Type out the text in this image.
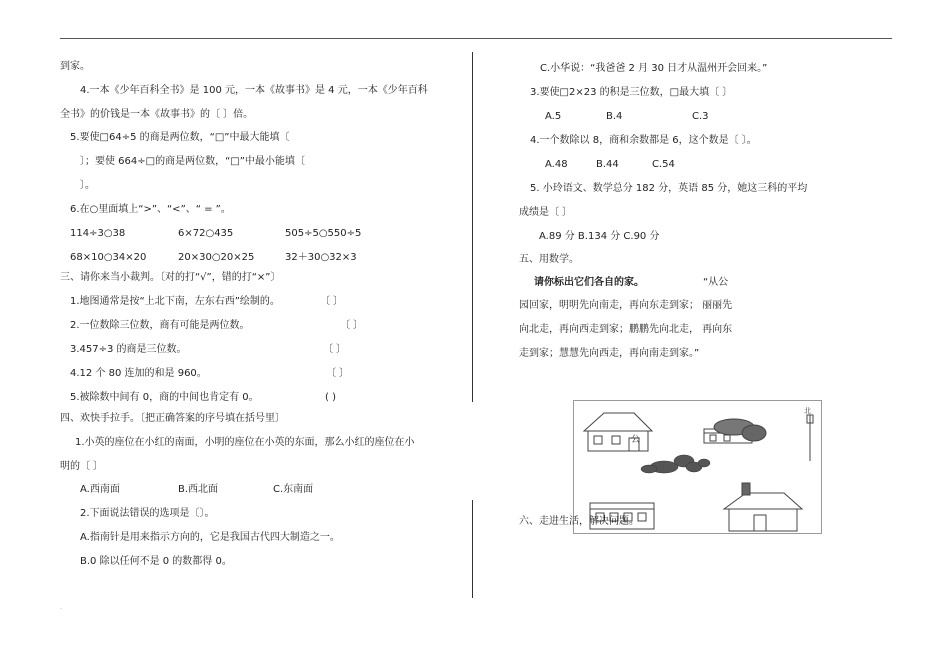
到家。
4.一本《少年百科全书》是 100 元，一本《故事书》是 4 元，一本《少年百科
全书》的价钱是一本《故事书》的〔 〕倍。
5.要使□64÷5 的商是两位数，“□”中最大能填〔
〕；要使 664÷□的商是两位数，“□”中最小能填〔
〕。
6.在○里面填上“>”、“<”、“ = ”。
114÷3○38	6×72○435	505÷5○550÷5
68×10○34×20	20×30○20×25	32＋30○32×3
三、请你来当小裁判。〔对的打“√”，错的打“×”〕
1.地图通常是按“上北下南，左东右西”绘制的。	〔 〕
2.一位数除三位数，商有可能是两位数。	〔 〕
3.457÷3 的商是三位数。	〔 〕
4.12 个 80 连加的和是 960。	〔 〕
5.被除数中间有 0，商的中间也肯定有 0。	( )
四、欢快手拉手。〔把正确答案的序号填在括号里〕
1.小英的座位在小红的南面，小明的座位在小英的东面，那么小红的座位在小
明的〔 〕
A.西南面	B.西北面	C.东南面
2.下面说法错误的选项是〔〕。
A.指南针是用来指示方向的，它是我国古代四大制造之一。
B.0 除以任何不是 0 的数都得 0。
.
C.小华说：“我爸爸 2 月 30 日才从温州开会回来。”
3.要使□2×23 的积是三位数，□最大填〔 〕
A.5	B.4	C.3
4.一个数除以 8，商和余数都是 6，这个数是〔 〕。
A.48	B.44	C.54
5. 小玲语文、数学总分 182 分，英语 85 分，她这三科的平均
成绩是〔 〕
A.89 分 B.134 分 C.90 分
五、用数学。
请你标出它们各自的家。	“从公
园回家，明明先向南走，再向东走到家； 丽丽先
向北走，再向西走到家；鹏鹏先向北走， 再向东
走到家；慧慧先向西走，再向南走到家。”
北
公
六、走进生活，解决问题。
